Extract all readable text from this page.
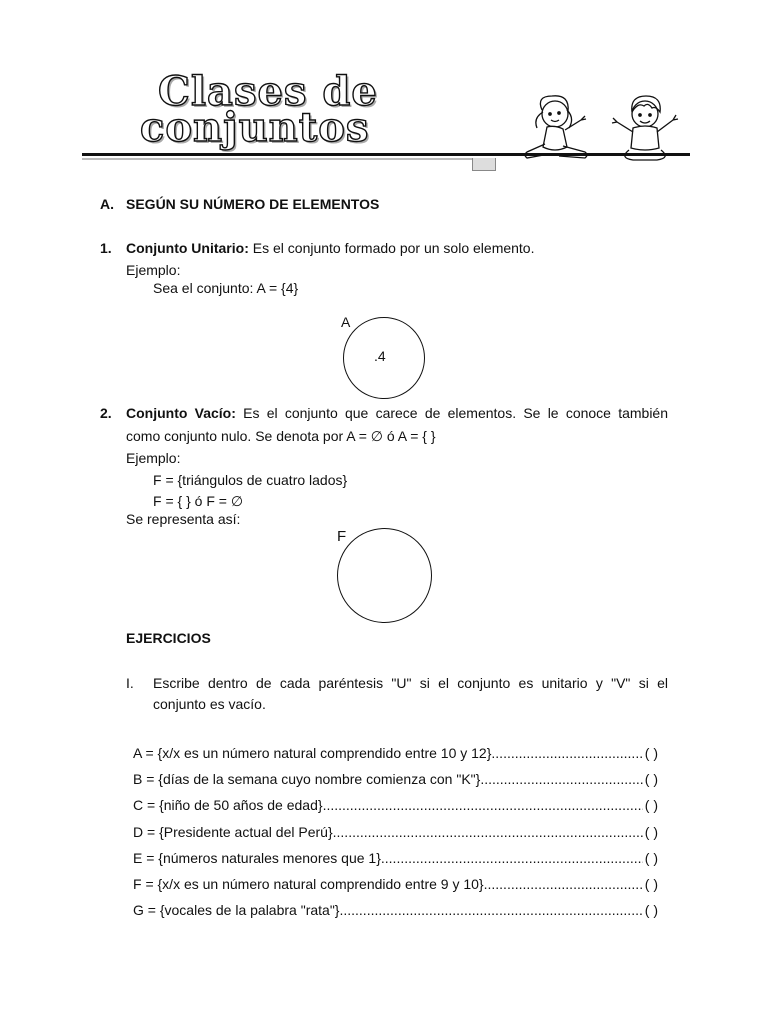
Clases de
conjuntos
A. SEGÚN SU NÚMERO DE ELEMENTOS
1. Conjunto Unitario: Es el conjunto formado por un solo elemento.
Ejemplo:
Sea el conjunto: A = {4}
A
.4
2. Conjunto Vacío: Es el conjunto que carece de elementos. Se le conoce también
como conjunto nulo. Se denota por A = ∅ ó A = { }
Ejemplo:
F = {triángulos de cuatro lados}
F = { } ó F = ∅
Se representa así:
F
EJERCICIOS
I. Escribe dentro de cada paréntesis "U" si el conjunto es unitario y "V" si el
conjunto es vacío.
A = {x/x es un número natural comprendido entre 10 y 12} .....	( )
B = {días de la semana cuyo nombre comienza con "K"} .....	( )
C = {niño de 50 años de edad} .....	( )
D = {Presidente actual del Perú} .....	( )
E = {números naturales menores que 1} .....	( )
F = {x/x es un número natural comprendido entre 9 y 10} .....	( )
G = {vocales de la palabra "rata"} .....	( )
